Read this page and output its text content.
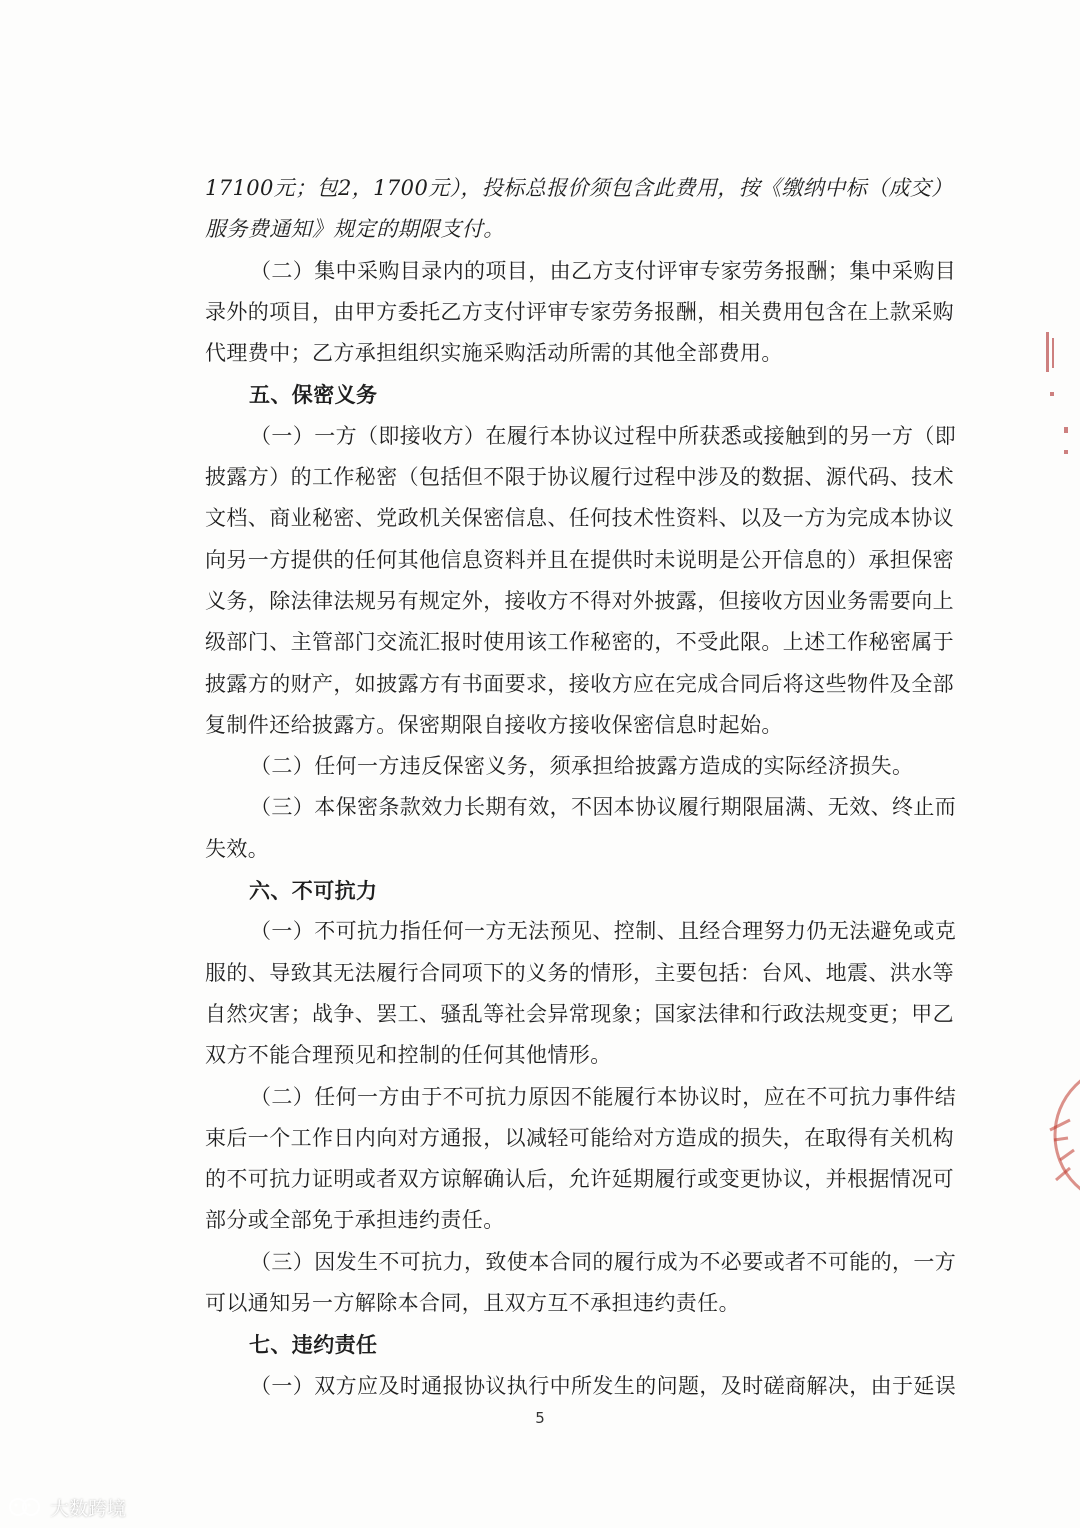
17100元；包2，1700元），投标总报价须包含此费用，按《缴纳中标（成交）
服务费通知》规定的期限支付。
（二）集中采购目录内的项目，由乙方支付评审专家劳务报酬；集中采购目
录外的项目，由甲方委托乙方支付评审专家劳务报酬，相关费用包含在上款采购
代理费中；乙方承担组织实施采购活动所需的其他全部费用。
五、保密义务
（一）一方（即接收方）在履行本协议过程中所获悉或接触到的另一方（即
披露方）的工作秘密（包括但不限于协议履行过程中涉及的数据、源代码、技术
文档、商业秘密、党政机关保密信息、任何技术性资料、以及一方为完成本协议
向另一方提供的任何其他信息资料并且在提供时未说明是公开信息的）承担保密
义务，除法律法规另有规定外，接收方不得对外披露，但接收方因业务需要向上
级部门、主管部门交流汇报时使用该工作秘密的，不受此限。上述工作秘密属于
披露方的财产，如披露方有书面要求，接收方应在完成合同后将这些物件及全部
复制件还给披露方。保密期限自接收方接收保密信息时起始。
（二）任何一方违反保密义务，须承担给披露方造成的实际经济损失。
（三）本保密条款效力长期有效，不因本协议履行期限届满、无效、终止而
失效。
六、不可抗力
（一）不可抗力指任何一方无法预见、控制、且经合理努力仍无法避免或克
服的、导致其无法履行合同项下的义务的情形，主要包括：台风、地震、洪水等
自然灾害；战争、罢工、骚乱等社会异常现象；国家法律和行政法规变更；甲乙
双方不能合理预见和控制的任何其他情形。
（二）任何一方由于不可抗力原因不能履行本协议时，应在不可抗力事件结
束后一个工作日内向对方通报，以减轻可能给对方造成的损失，在取得有关机构
的不可抗力证明或者双方谅解确认后，允许延期履行或变更协议，并根据情况可
部分或全部免于承担违约责任。
（三）因发生不可抗力，致使本合同的履行成为不必要或者不可能的，一方
可以通知另一方解除本合同，且双方互不承担违约责任。
七、违约责任
（一）双方应及时通报协议执行中所发生的问题，及时磋商解决，由于延误
5
大数跨境
